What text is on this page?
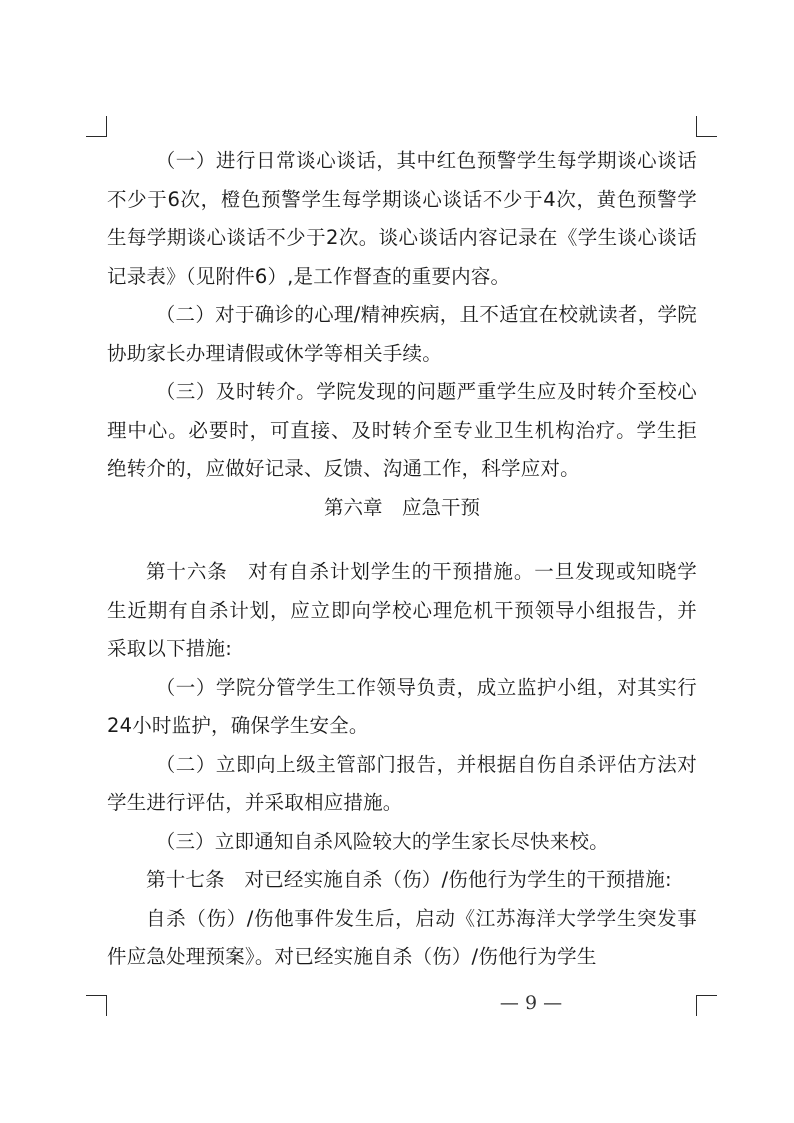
（一）进行日常谈心谈话，其中红色预警学生每学期谈心谈话不少于6次，橙色预警学生每学期谈心谈话不少于4次，黄色预警学生每学期谈心谈话不少于2次。谈心谈话内容记录在《学生谈心谈话记录表》（见附件6）,是工作督查的重要内容。

（二）对于确诊的心理/精神疾病，且不适宜在校就读者，学院协助家长办理请假或休学等相关手续。

（三）及时转介。学院发现的问题严重学生应及时转介至校心理中心。必要时，可直接、及时转介至专业卫生机构治疗。学生拒绝转介的，应做好记录、反馈、沟通工作，科学应对。

第六章　应急干预

第十六条　对有自杀计划学生的干预措施。一旦发现或知晓学生近期有自杀计划，应立即向学校心理危机干预领导小组报告，并采取以下措施:

（一）学院分管学生工作领导负责，成立监护小组，对其实行24小时监护，确保学生安全。

（二）立即向上级主管部门报告，并根据自伤自杀评估方法对学生进行评估，并采取相应措施。

（三）立即通知自杀风险较大的学生家长尽快来校。

第十七条　对已经实施自杀（伤）/伤他行为学生的干预措施:

自杀（伤）/伤他事件发生后，启动《江苏海洋大学学生突发事件应急处理预案》。对已经实施自杀（伤）/伤他行为学生

— 9 —
